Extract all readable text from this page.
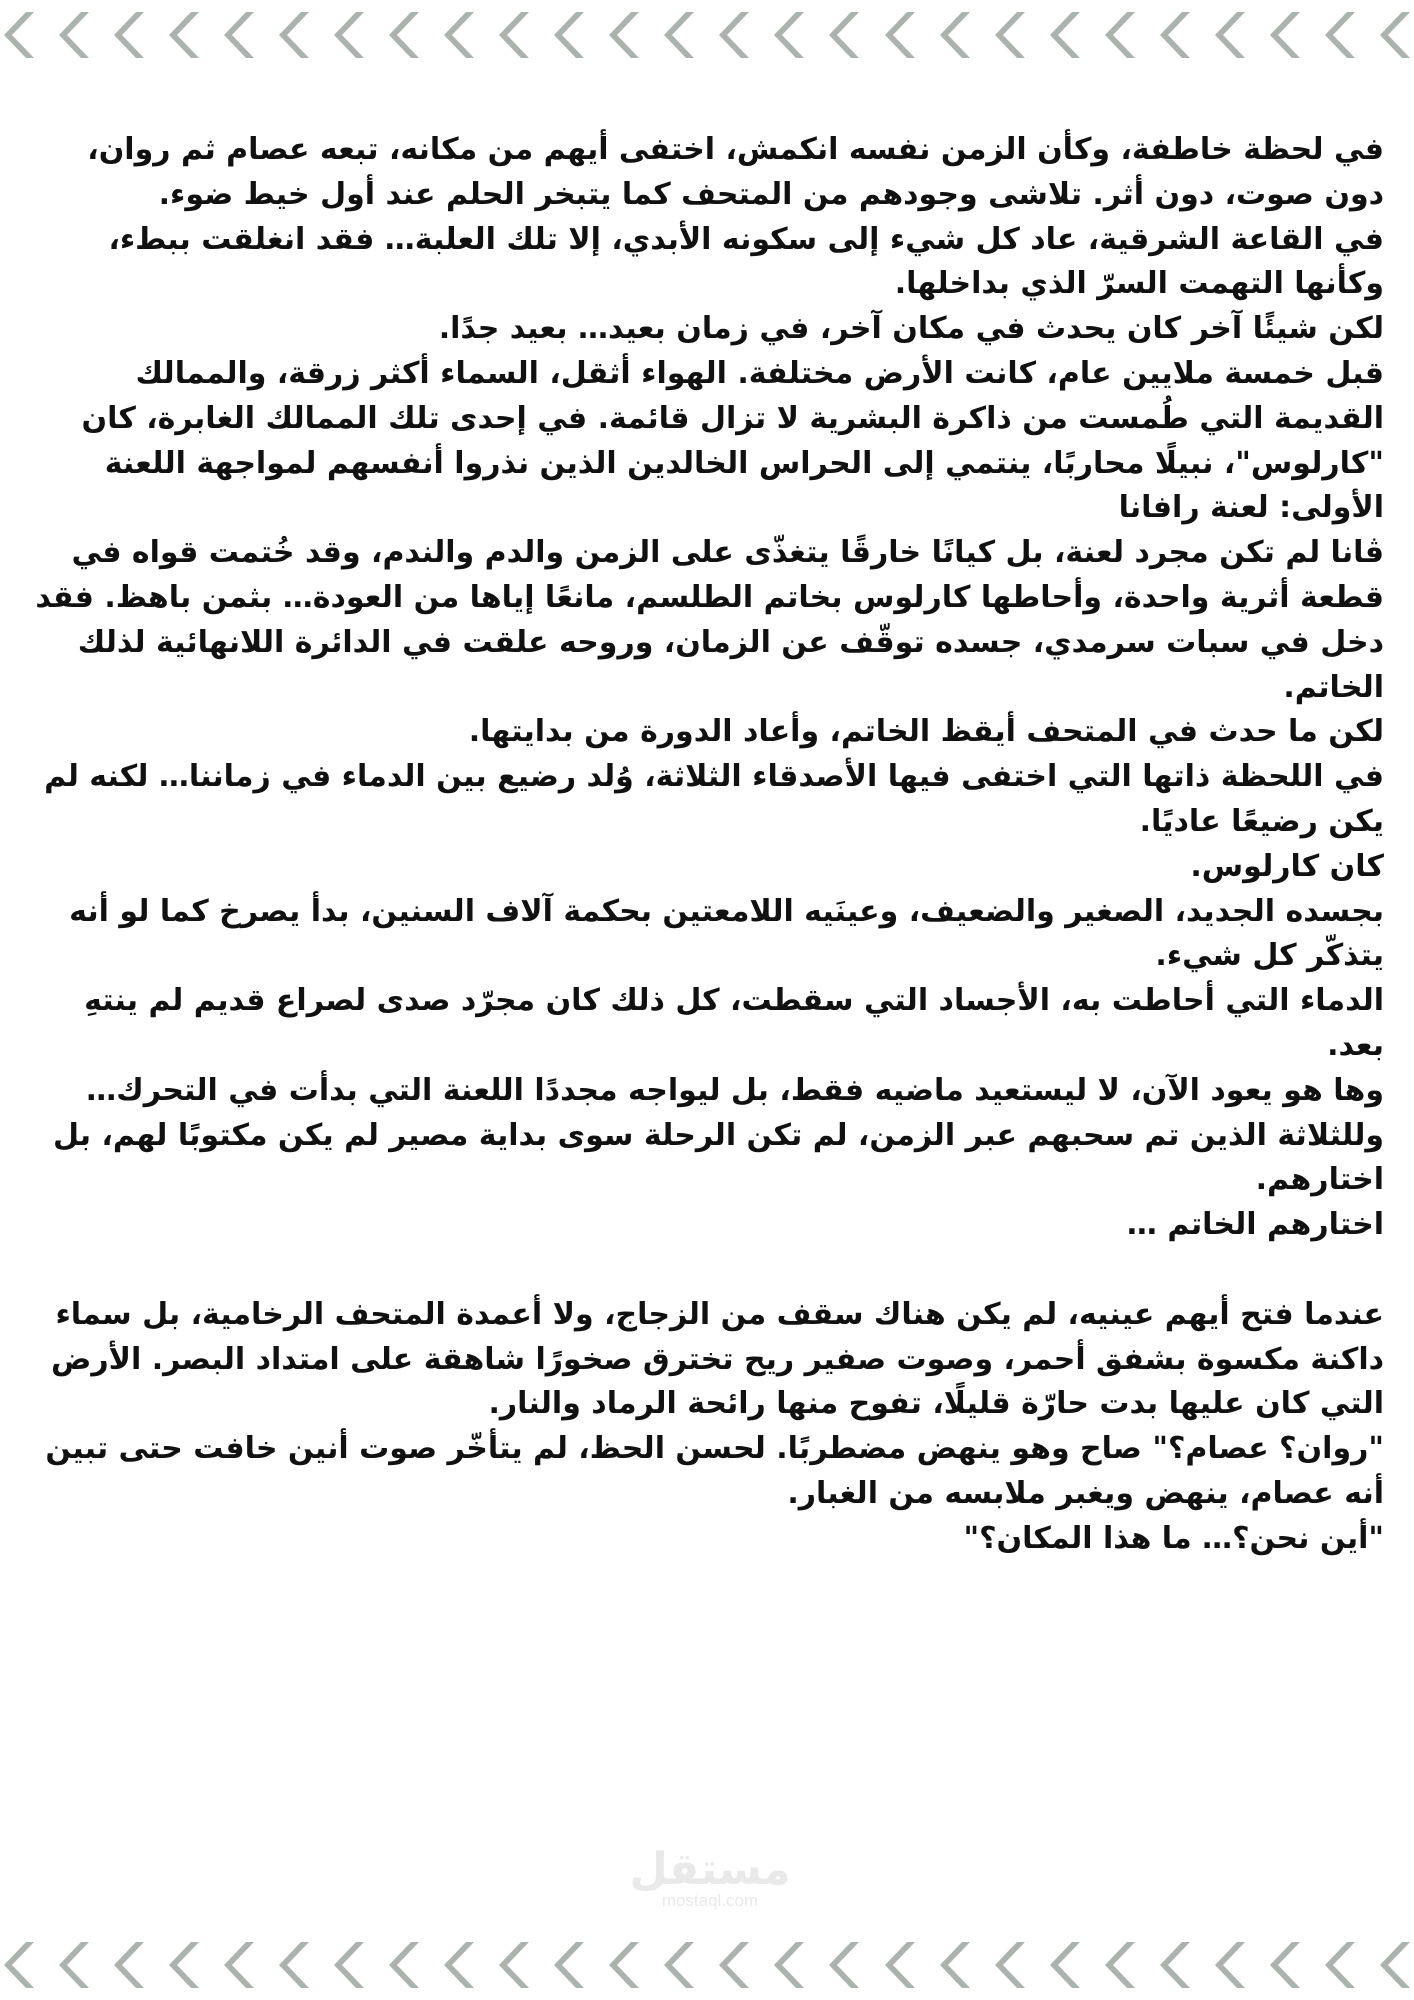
في لحظة خاطفة، وكأن الزمن نفسه انكمش، اختفى أيهم من مكانه، تبعه عصام ثم روان، دون صوت، دون أثر. تلاشى وجودهم من المتحف كما يتبخر الحلم عند أول خيط ضوء.

في القاعة الشرقية، عاد كل شيء إلى سكونه الأبدي، إلا تلك العلبة… فقد انغلقت ببطء، وكأنها التهمت السرّ الذي بداخلها.

لكن شيئًا آخر كان يحدث في مكان آخر، في زمان بعيد… بعيد جدًا.

قبل خمسة ملايين عام، كانت الأرض مختلفة. الهواء أثقل، السماء أكثر زرقة، والممالك القديمة التي طُمست من ذاكرة البشرية لا تزال قائمة. في إحدى تلك الممالك الغابرة، كان "كارلوس"، نبيلًا محاربًا، ينتمي إلى الحراس الخالدين الذين نذروا أنفسهم لمواجهة اللعنة الأولى: لعنة رافانا

ڤانا لم تكن مجرد لعنة، بل كيانًا خارقًا يتغذّى على الزمن والدم والندم، وقد خُتمت قواه في قطعة أثرية واحدة، وأحاطها كارلوس بخاتم الطلسم، مانعًا إياها من العودة… بثمن باهظ. فقد دخل في سبات سرمدي، جسده توقّف عن الزمان، وروحه علقت في الدائرة اللانهائية لذلك الخاتم.

لكن ما حدث في المتحف أيقظ الخاتم، وأعاد الدورة من بدايتها.

في اللحظة ذاتها التي اختفى فيها الأصدقاء الثلاثة، وُلد رضيع بين الدماء في زماننا… لكنه لم يكن رضيعًا عاديًا.

كان كارلوس.

بجسده الجديد، الصغير والضعيف، وعينَيه اللامعتين بحكمة آلاف السنين، بدأ يصرخ كما لو أنه يتذكّر كل شيء.

الدماء التي أحاطت به، الأجساد التي سقطت، كل ذلك كان مجرّد صدى لصراع قديم لم ينتهِ بعد.

وها هو يعود الآن، لا ليستعيد ماضيه فقط، بل ليواجه مجددًا اللعنة التي بدأت في التحرك… وللثلاثة الذين تم سحبهم عبر الزمن، لم تكن الرحلة سوى بداية مصير لم يكن مكتوبًا لهم، بل اختارهم.

اختارهم الخاتم …

عندما فتح أيهم عينيه، لم يكن هناك سقف من الزجاج، ولا أعمدة المتحف الرخامية، بل سماء داكنة مكسوة بشفق أحمر، وصوت صفير ريح تخترق صخورًا شاهقة على امتداد البصر. الأرض التي كان عليها بدت حارّة قليلًا، تفوح منها رائحة الرماد والنار.

"روان؟ عصام؟" صاح وهو ينهض مضطربًا. لحسن الحظ، لم يتأخّر صوت أنين خافت حتى تبين أنه عصام، ينهض ويغبر ملابسه من الغبار.

"أين نحن؟… ما هذا المكان؟"

مستقل
mostaql.com
